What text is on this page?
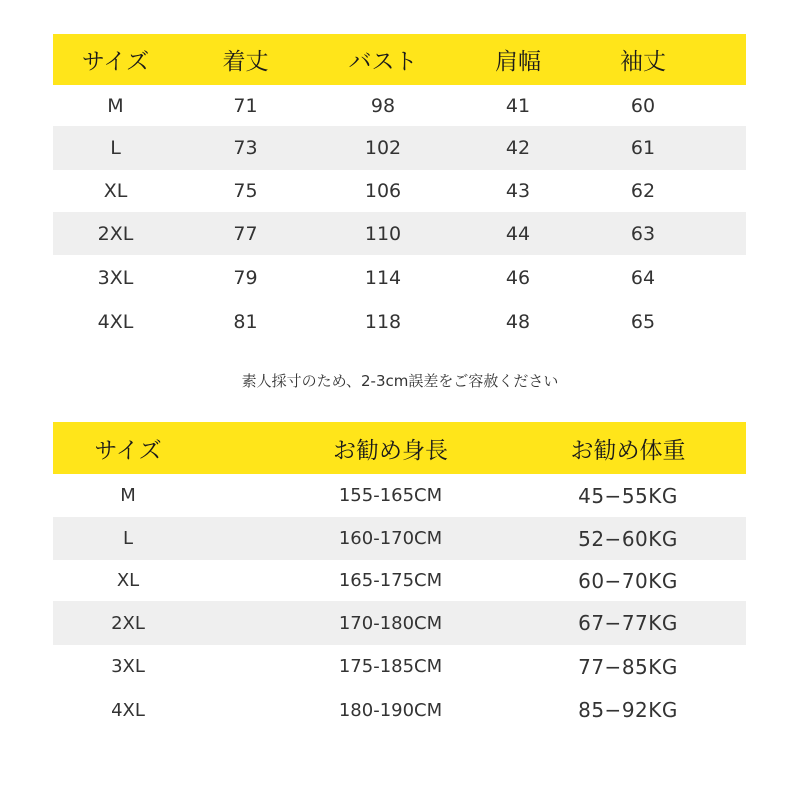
サイズ	着丈	バスト	肩幅	袖丈
M	71	98	41	60
L	73	102	42	61
XL	75	106	43	62
2XL	77	110	44	63
3XL	79	114	46	64
4XL	81	118	48	65
素人採寸のため、2-3cm誤差をご容赦ください
サイズ	お勧め身長	お勧め体重
M	155-165CM	45−55KG
L	160-170CM	52−60KG
XL	165-175CM	60−70KG
2XL	170-180CM	67−77KG
3XL	175-185CM	77−85KG
4XL	180-190CM	85−92KG
